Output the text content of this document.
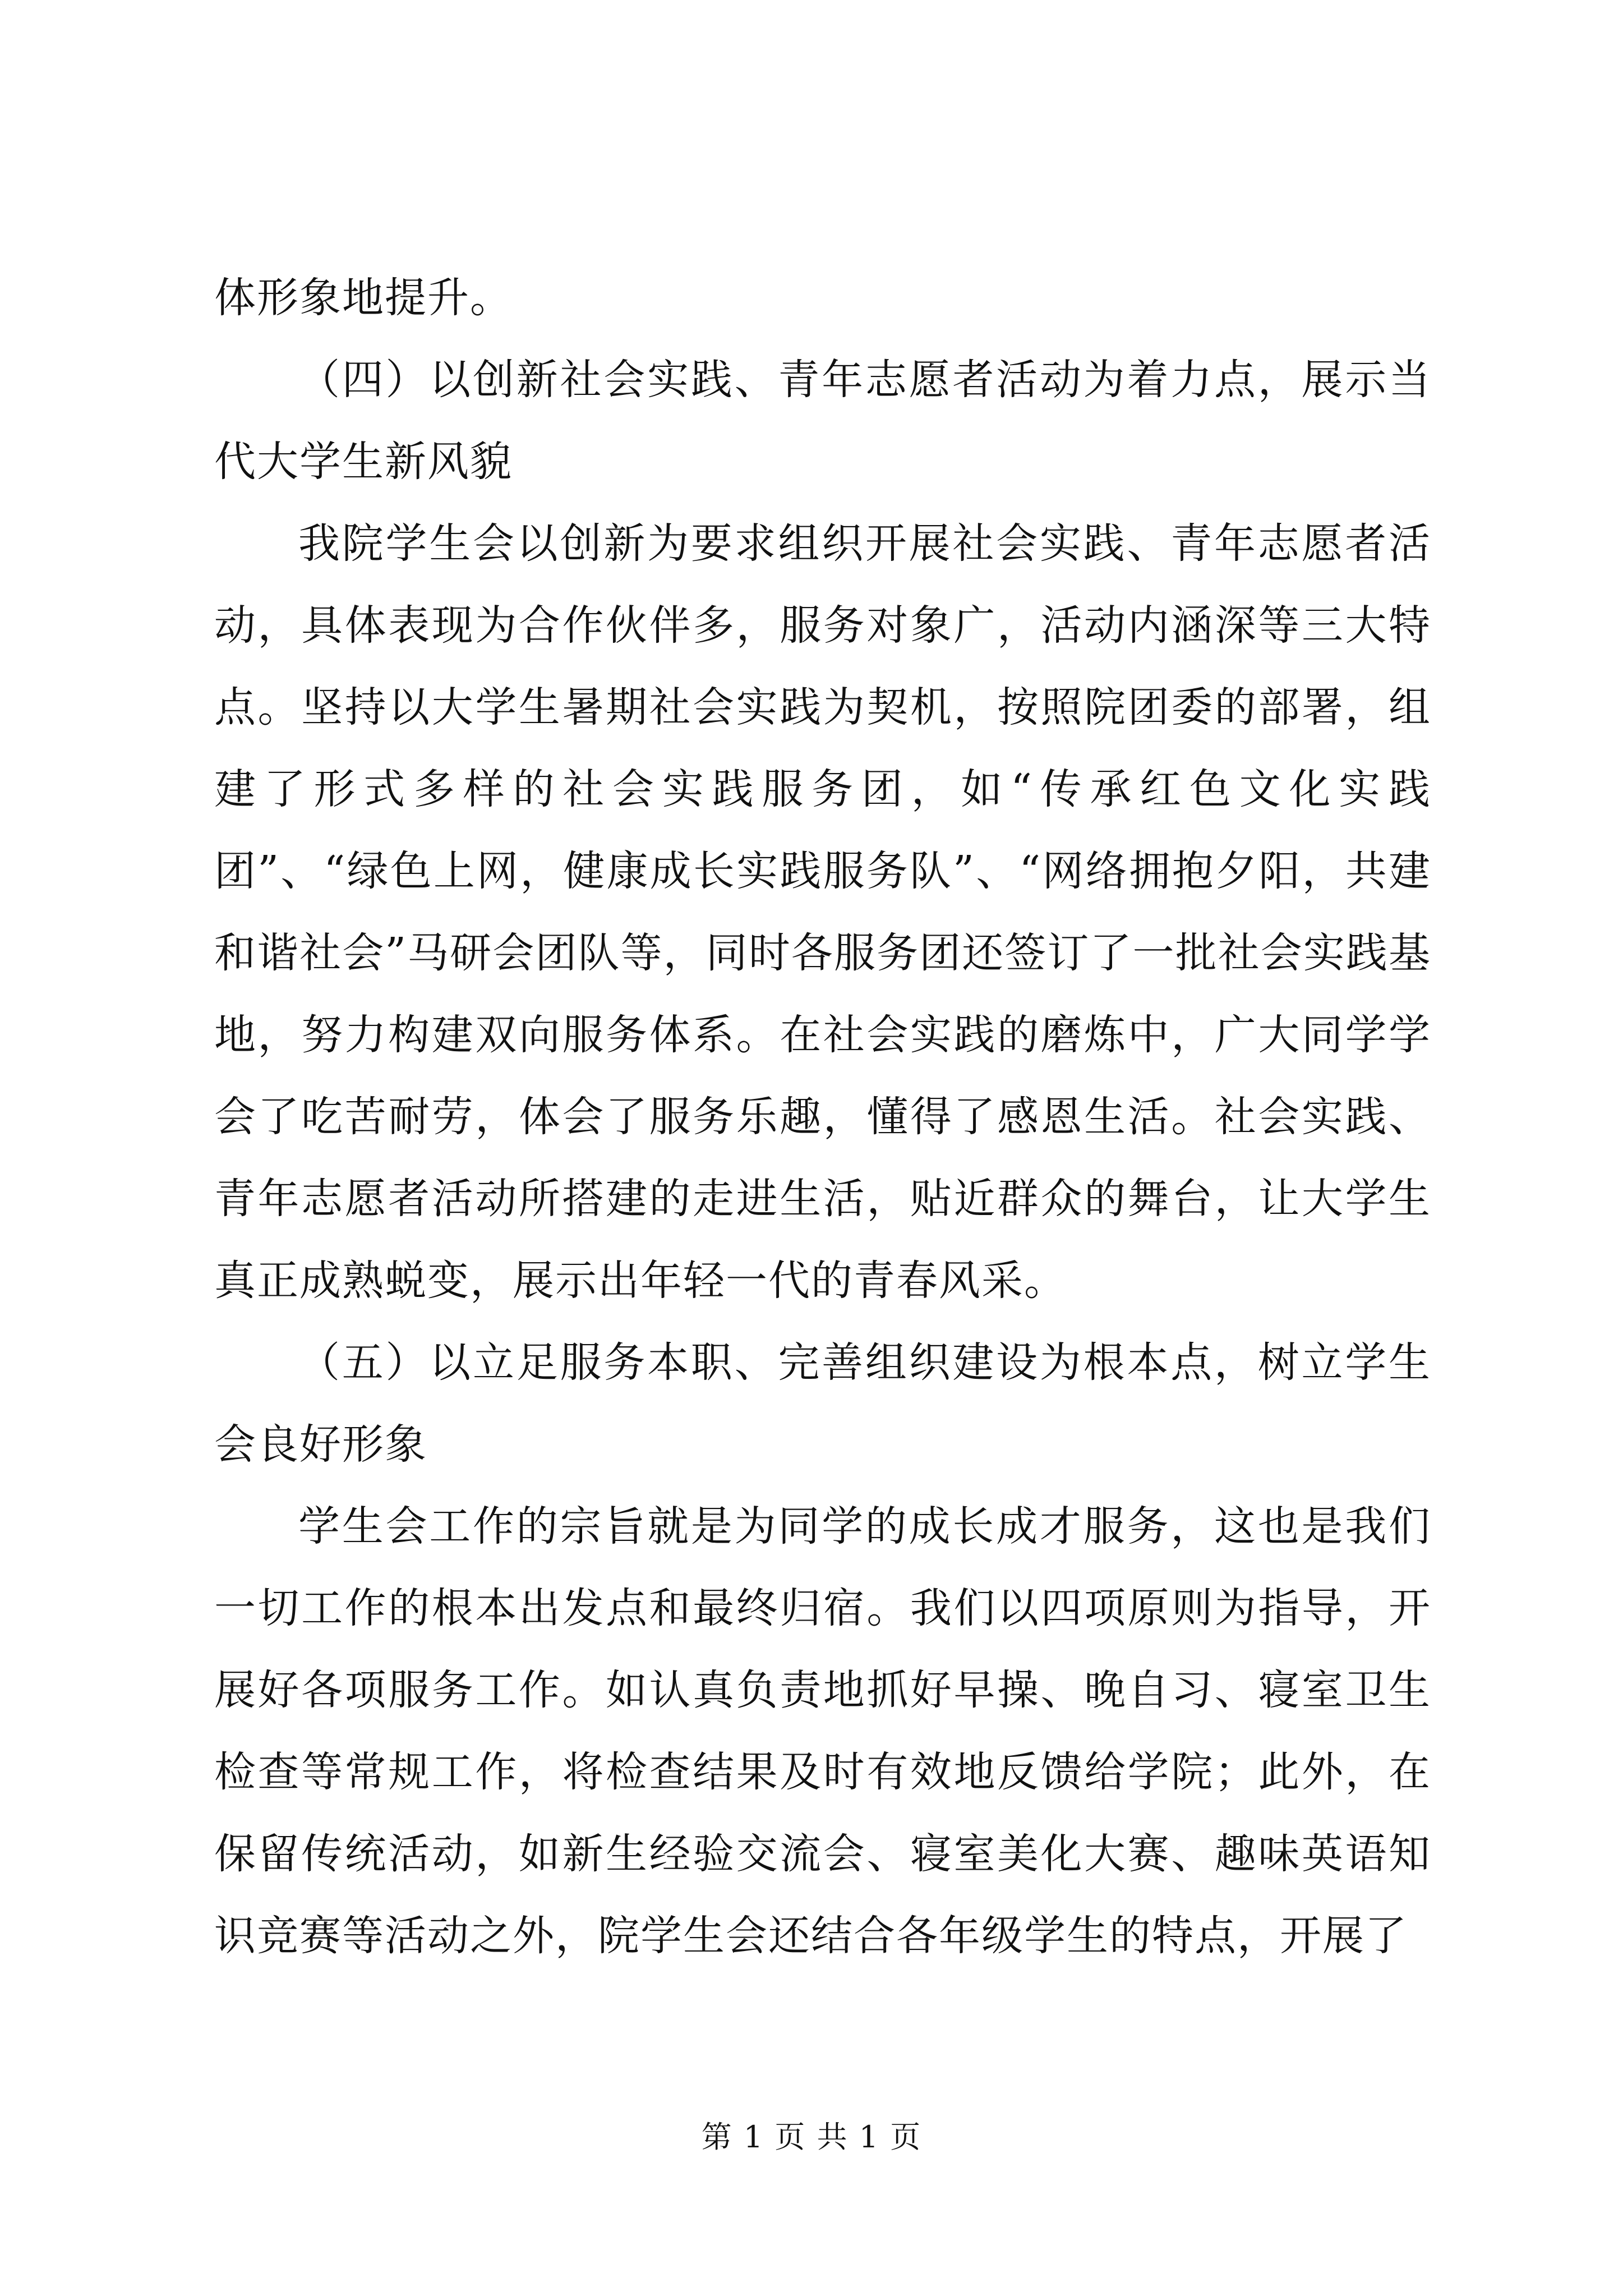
体形象地提升。

（四）以创新社会实践、青年志愿者活动为着力点，展示当代大学生新风貌

我院学生会以创新为要求组织开展社会实践、青年志愿者活动，具体表现为合作伙伴多，服务对象广，活动内涵深等三大特点。坚持以大学生暑期社会实践为契机，按照院团委的部署，组建了形式多样的社会实践服务团，如“传承红色文化实践团”、“绿色上网，健康成长实践服务队”、“网络拥抱夕阳，共建和谐社会”马研会团队等，同时各服务团还签订了一批社会实践基地，努力构建双向服务体系。在社会实践的磨炼中，广大同学学会了吃苦耐劳，体会了服务乐趣，懂得了感恩生活。社会实践、青年志愿者活动所搭建的走进生活，贴近群众的舞台，让大学生真正成熟蜕变，展示出年轻一代的青春风采。

（五）以立足服务本职、完善组织建设为根本点，树立学生会良好形象

学生会工作的宗旨就是为同学的成长成才服务，这也是我们一切工作的根本出发点和最终归宿。我们以四项原则为指导，开展好各项服务工作。如认真负责地抓好早操、晚自习、寝室卫生检查等常规工作，将检查结果及时有效地反馈给学院；此外，在保留传统活动，如新生经验交流会、寝室美化大赛、趣味英语知识竞赛等活动之外，院学生会还结合各年级学生的特点，开展了

第 1 页 共 1 页
